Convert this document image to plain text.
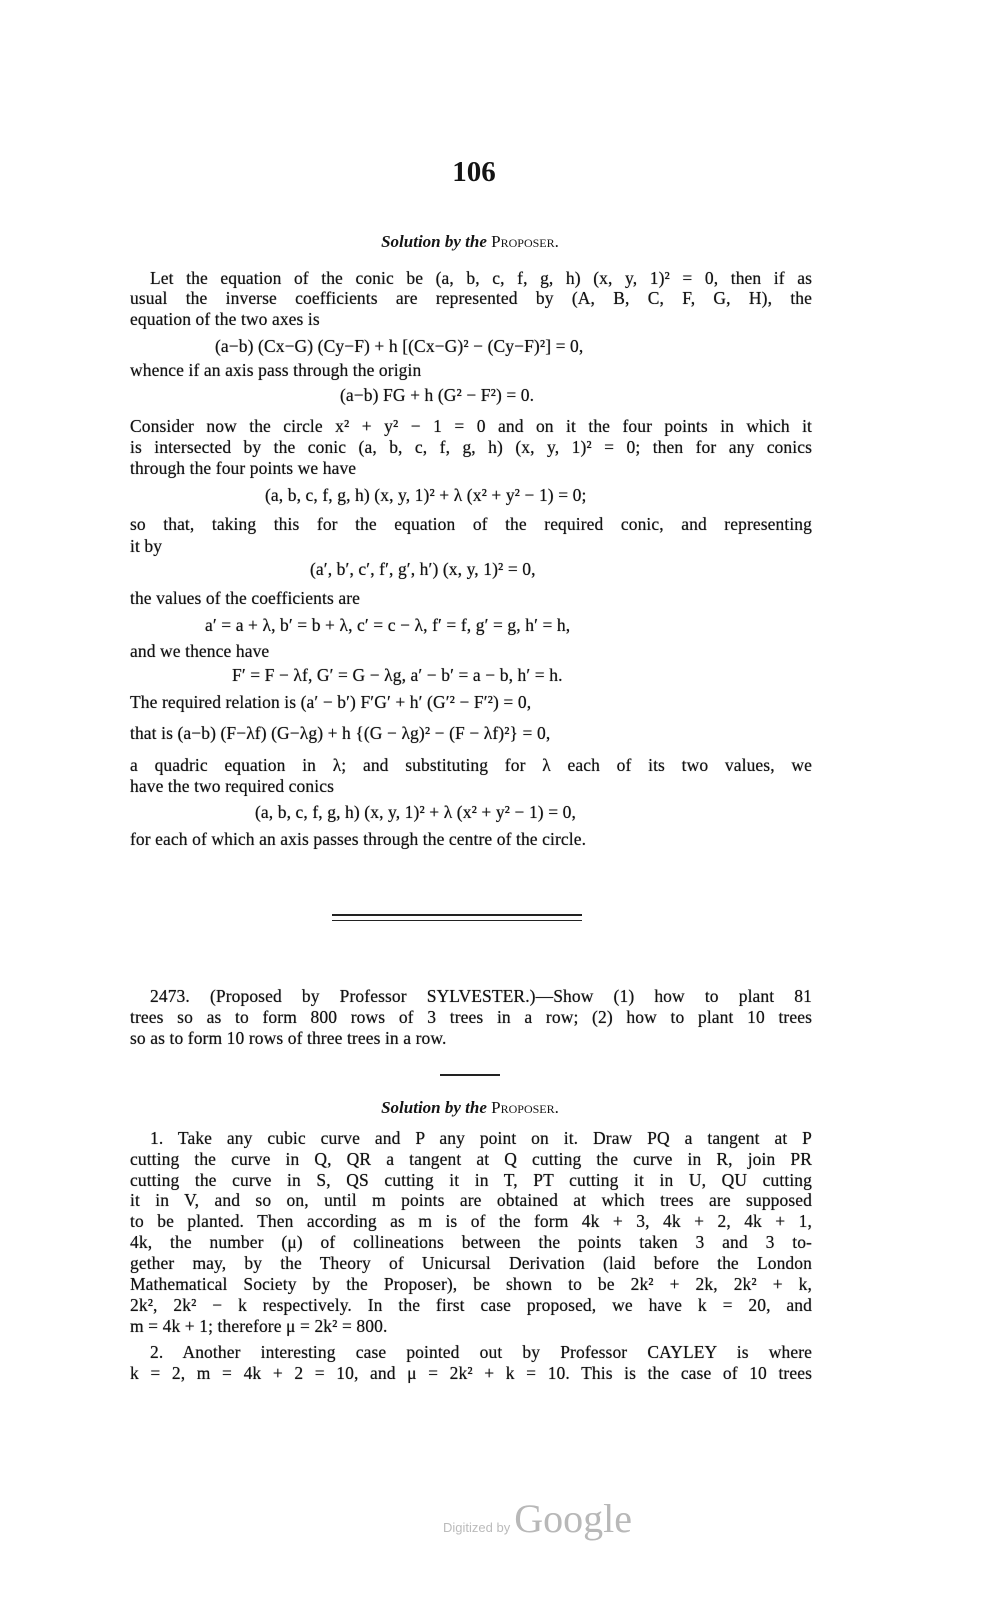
106
Solution by the Proposer.
Let the equation of the conic be (a, b, c, f, g, h) (x, y, 1)² = 0, then if as
usual the inverse coefficients are represented by (A, B, C, F, G, H), the
equation of the two axes is
(a−b) (Cx−G) (Cy−F) + h [(Cx−G)² − (Cy−F)²] = 0,
whence if an axis pass through the origin
(a−b) FG + h (G² − F²) = 0.
Consider now the circle x² + y² − 1 = 0 and on it the four points in which it
is intersected by the conic (a, b, c, f, g, h) (x, y, 1)² = 0; then for any conics
through the four points we have
(a, b, c, f, g, h) (x, y, 1)² + λ (x² + y² − 1) = 0;
so that, taking this for the equation of the required conic, and representing
it by
(a′, b′, c′, f′, g′, h′) (x, y, 1)² = 0,
the values of the coefficients are
a′ = a + λ, b′ = b + λ, c′ = c − λ, f′ = f, g′ = g, h′ = h,
and we thence have
F′ = F − λf, G′ = G − λg, a′ − b′ = a − b, h′ = h.
The required relation is (a′ − b′) F′G′ + h′ (G′² − F′²) = 0,
that is (a−b) (F−λf) (G−λg) + h {(G − λg)² − (F − λf)²} = 0,
a quadric equation in λ; and substituting for λ each of its two values, we
have the two required conics
(a, b, c, f, g, h) (x, y, 1)² + λ (x² + y² − 1) = 0,
for each of which an axis passes through the centre of the circle.
2473. (Proposed by Professor SYLVESTER.)—Show (1) how to plant 81
trees so as to form 800 rows of 3 trees in a row; (2) how to plant 10 trees
so as to form 10 rows of three trees in a row.
1. Take any cubic curve and P any point on it. Draw PQ a tangent at P
cutting the curve in Q, QR a tangent at Q cutting the curve in R, join PR
cutting the curve in S, QS cutting it in T, PT cutting it in U, QU cutting
it in V, and so on, until m points are obtained at which trees are supposed
to be planted. Then according as m is of the form 4k + 3, 4k + 2, 4k + 1,
4k, the number (μ) of collineations between the points taken 3 and 3 to-
gether may, by the Theory of Unicursal Derivation (laid before the London
Mathematical Society by the Proposer), be shown to be 2k² + 2k, 2k² + k,
2k², 2k² − k respectively. In the first case proposed, we have k = 20, and
m = 4k + 1; therefore μ = 2k² = 800.
2. Another interesting case pointed out by Professor CAYLEY is where
k = 2, m = 4k + 2 = 10, and μ = 2k² + k = 10. This is the case of 10 trees
Solution by the Proposer.
Digitized by Google
